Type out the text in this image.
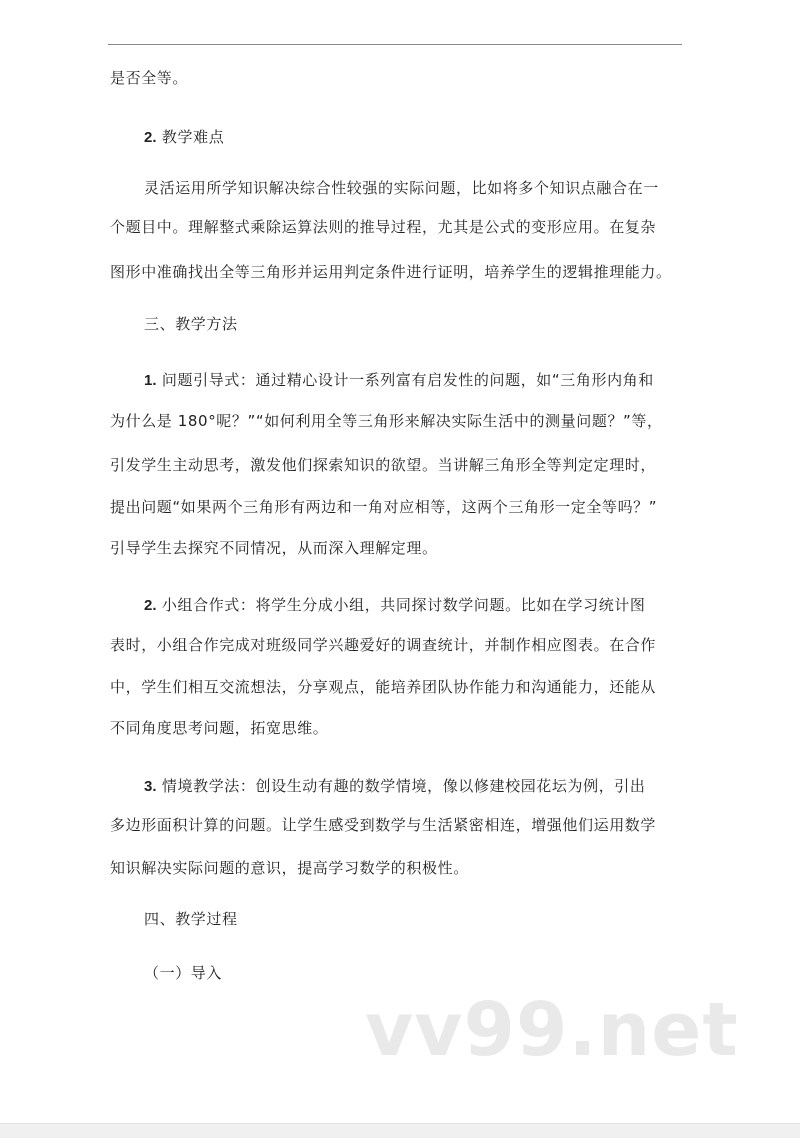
是否全等。
2. 教学难点
灵活运用所学知识解决综合性较强的实际问题，比如将多个知识点融合在一
个题目中。理解整式乘除运算法则的推导过程，尤其是公式的变形应用。在复杂
图形中准确找出全等三角形并运用判定条件进行证明，培养学生的逻辑推理能力。
三、教学方法
1. 问题引导式：通过精心设计一系列富有启发性的问题，如“三角形内角和
为什么是 180°呢？”“如何利用全等三角形来解决实际生活中的测量问题？”等，
引发学生主动思考，激发他们探索知识的欲望。当讲解三角形全等判定定理时，
提出问题“如果两个三角形有两边和一角对应相等，这两个三角形一定全等吗？”
引导学生去探究不同情况，从而深入理解定理。
2. 小组合作式：将学生分成小组，共同探讨数学问题。比如在学习统计图
表时，小组合作完成对班级同学兴趣爱好的调查统计，并制作相应图表。在合作
中，学生们相互交流想法，分享观点，能培养团队协作能力和沟通能力，还能从
不同角度思考问题，拓宽思维。
3. 情境教学法：创设生动有趣的数学情境，像以修建校园花坛为例，引出
多边形面积计算的问题。让学生感受到数学与生活紧密相连，增强他们运用数学
知识解决实际问题的意识，提高学习数学的积极性。
四、教学过程
（一）导入
vv99.net
